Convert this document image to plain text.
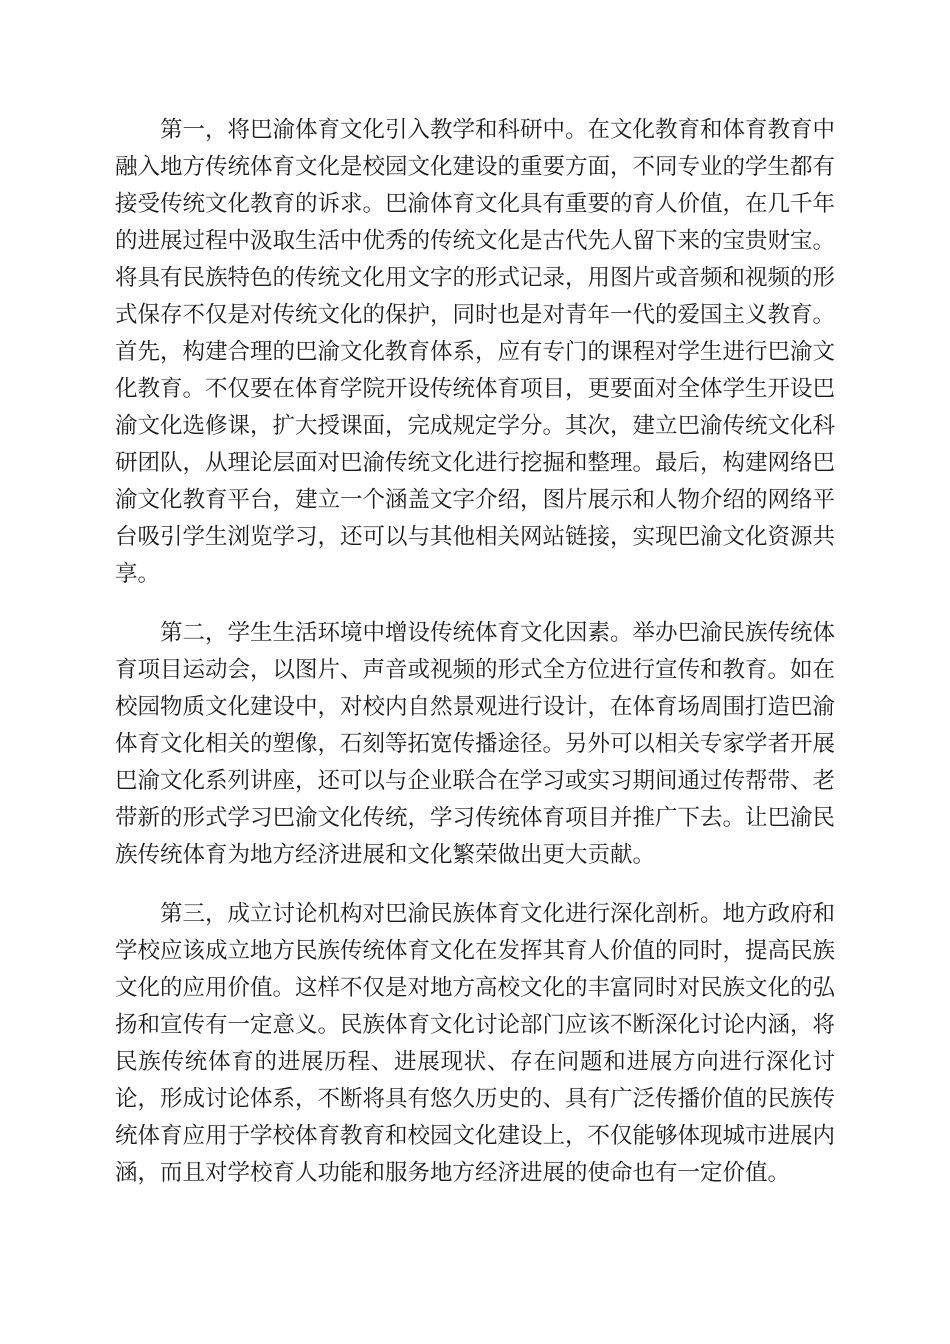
第一，将巴渝体育文化引入教学和科研中。在文化教育和体育教育中
融入地方传统体育文化是校园文化建设的重要方面，不同专业的学生都有
接受传统文化教育的诉求。巴渝体育文化具有重要的育人价值，在几千年
的进展过程中汲取生活中优秀的传统文化是古代先人留下来的宝贵财宝。
将具有民族特色的传统文化用文字的形式记录，用图片或音频和视频的形
式保存不仅是对传统文化的保护，同时也是对青年一代的爱国主义教育。
首先，构建合理的巴渝文化教育体系，应有专门的课程对学生进行巴渝文
化教育。不仅要在体育学院开设传统体育项目，更要面对全体学生开设巴
渝文化选修课，扩大授课面，完成规定学分。其次，建立巴渝传统文化科
研团队，从理论层面对巴渝传统文化进行挖掘和整理。最后，构建网络巴
渝文化教育平台，建立一个涵盖文字介绍，图片展示和人物介绍的网络平
台吸引学生浏览学习，还可以与其他相关网站链接，实现巴渝文化资源共
享。
第二，学生生活环境中增设传统体育文化因素。举办巴渝民族传统体
育项目运动会，以图片、声音或视频的形式全方位进行宣传和教育。如在
校园物质文化建设中，对校内自然景观进行设计，在体育场周围打造巴渝
体育文化相关的塑像，石刻等拓宽传播途径。另外可以相关专家学者开展
巴渝文化系列讲座，还可以与企业联合在学习或实习期间通过传帮带、老
带新的形式学习巴渝文化传统，学习传统体育项目并推广下去。让巴渝民
族传统体育为地方经济进展和文化繁荣做出更大贡献。
第三，成立讨论机构对巴渝民族体育文化进行深化剖析。地方政府和
学校应该成立地方民族传统体育文化在发挥其育人价值的同时，提高民族
文化的应用价值。这样不仅是对地方高校文化的丰富同时对民族文化的弘
扬和宣传有一定意义。民族体育文化讨论部门应该不断深化讨论内涵，将
民族传统体育的进展历程、进展现状、存在问题和进展方向进行深化讨
论，形成讨论体系，不断将具有悠久历史的、具有广泛传播价值的民族传
统体育应用于学校体育教育和校园文化建设上，不仅能够体现城市进展内
涵，而且对学校育人功能和服务地方经济进展的使命也有一定价值。
